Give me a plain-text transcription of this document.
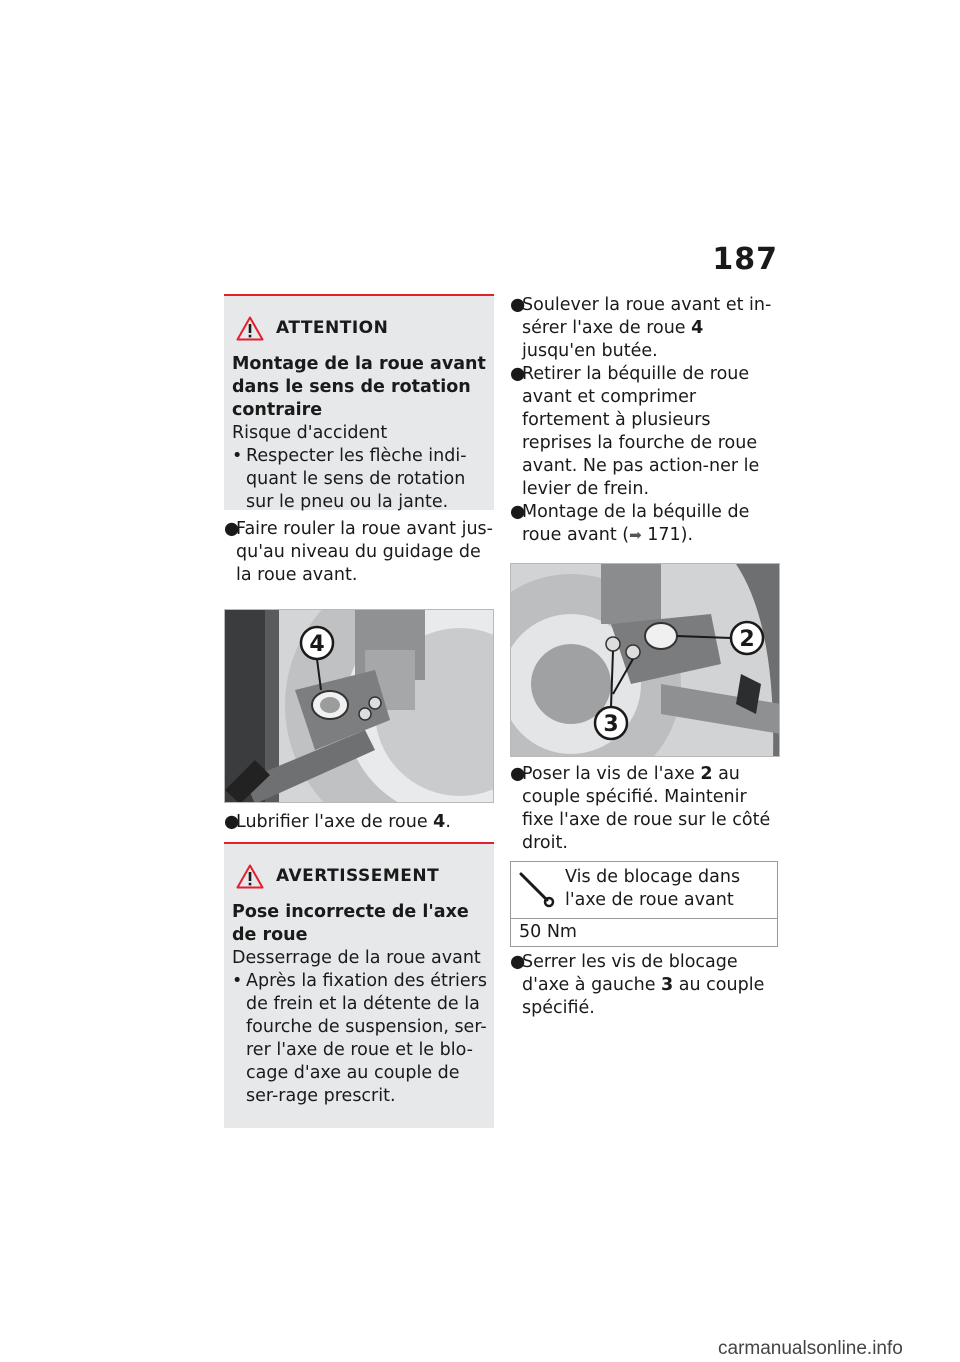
187
ATTENTION
Montage de la roue avant dans le sens de rotation contraire
Risque d'accident
• Respecter les flèche indi-quant le sens de rotation sur le pneu ou la jante.
●
Faire rouler la roue avant jus-qu'au niveau du guidage de la roue avant.
4
●
Lubrifier l'axe de roue 4.
AVERTISSEMENT
Pose incorrecte de l'axe de roue
Desserrage de la roue avant
• Après la fixation des étriers de frein et la détente de la fourche de suspension, ser-rer l'axe de roue et le blo-cage d'axe au couple de ser-rage prescrit.
●
Soulever la roue avant et in-sérer l'axe de roue 4 jusqu'en butée.
●
Retirer la béquille de roue avant et comprimer fortement à plusieurs reprises la fourche de roue avant. Ne pas action-ner le levier de frein.
●
Montage de la béquille de roue avant (➡ 171).
2
3
●
Poser la vis de l'axe 2 au couple spécifié. Maintenir fixe l'axe de roue sur le côté droit.
Vis de blocage dans l'axe de roue avant
50 Nm
●
Serrer les vis de blocage d'axe à gauche 3 au couple spécifié.
carmanualsonline.info
